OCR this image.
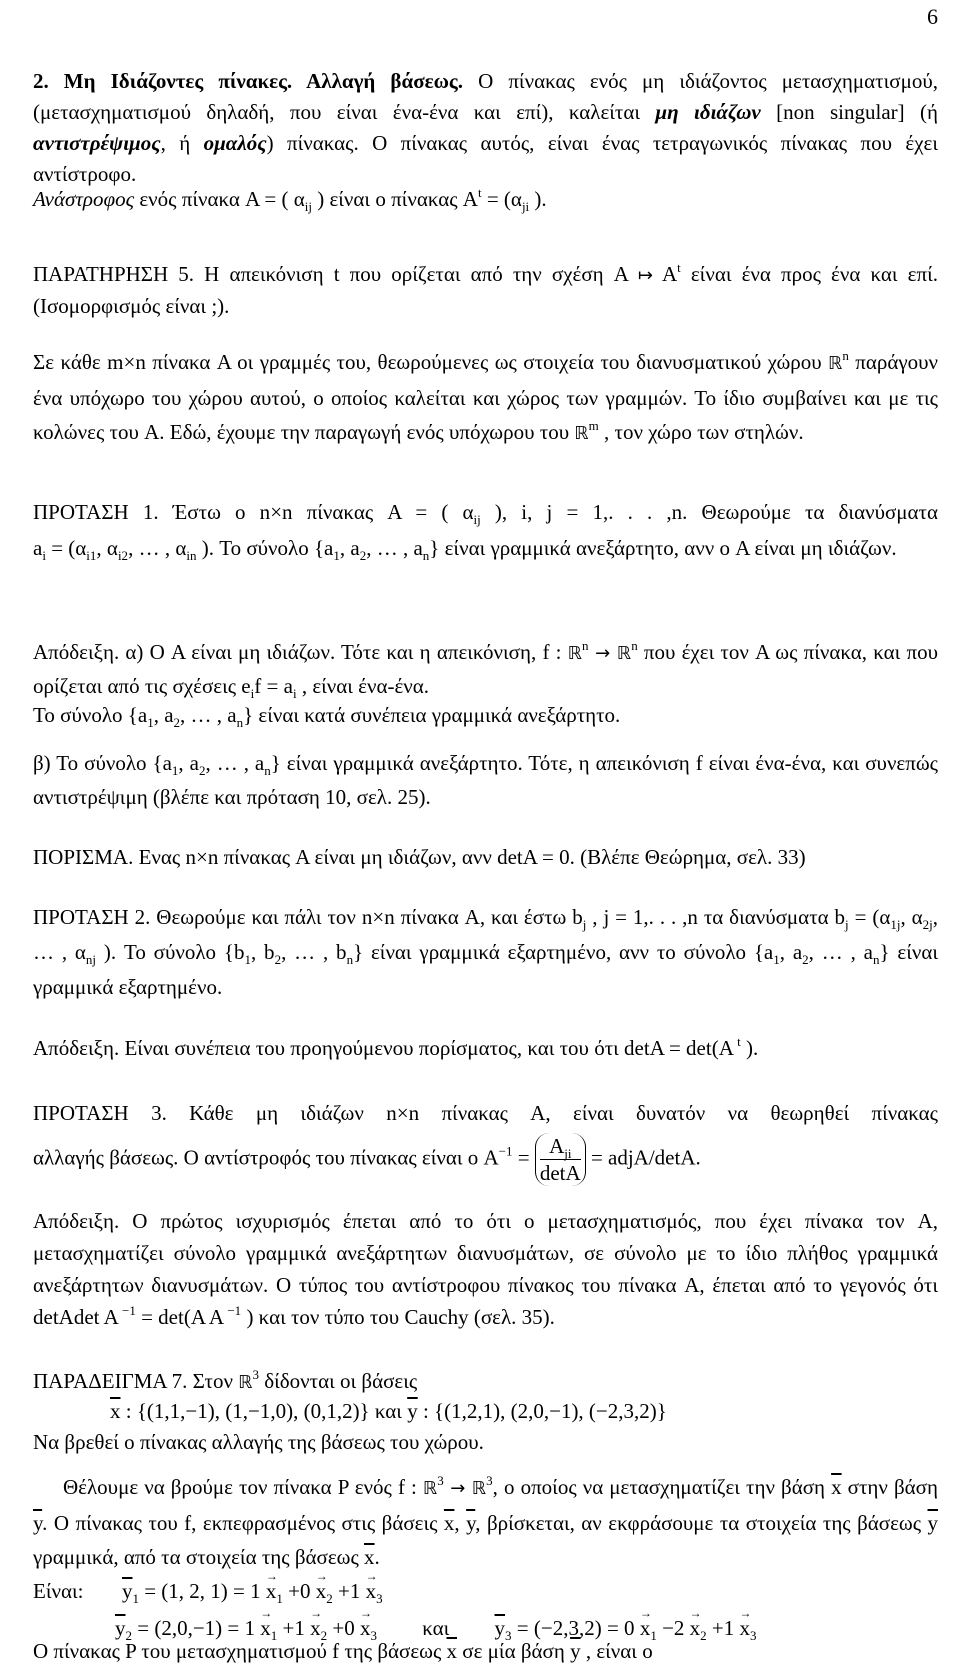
6
2. Μη Ιδιάζοντες πίνακες. Αλλαγή βάσεως. Ο πίνακας ενός μη ιδιάζοντος μετασχηματισμού, (μετασχηματισμού δηλαδή, που είναι ένα-ένα και επί), καλείται μη ιδιάζων [non singular] (ή αντιστρέψιμος, ή ομαλός) πίνακας. Ο πίνακας αυτός, είναι ένας τετραγωνικός πίνακας που έχει αντίστροφο.
Ανάστροφος ενός πίνακα A = ( $\alpha_{ij}$ ) είναι ο πίνακας $A^t = (\alpha_{ji}$ ).
ΠΑΡΑΤΗΡΗΣΗ 5. Η απεικόνιση t που ορίζεται από την σχέση A ↦ $A^t$ είναι ένα προς ένα και επί. (Ισομορφισμός είναι ;).
Σε κάθε m×n πίνακα A οι γραμμές του, θεωρούμενες ως στοιχεία του διανυσματικού χώρου ℝ$^n$ παράγουν ένα υπόχωρο του χώρου αυτού, ο οποίος καλείται και χώρος των γραμμών. Το ίδιο συμβαίνει και με τις κολώνες του A. Εδώ, έχουμε την παραγωγή ενός υπόχωρου του ℝ$^m$ , τον χώρο των στηλών.
ΠΡΟΤΑΣΗ 1. Έστω ο n×n πίνακας A = ( $\alpha_{ij}$ ), i, j = 1,. . . ,n. Θεωρούμε τα διανύσματα
$a_i = (\alpha_{i1}$, $\alpha_{i2}$, … , $\alpha_{in}$ ). Το σύνολο {$a_1$, $a_2$, … , $a_n$} είναι γραμμικά ανεξάρτητο, ανν ο A είναι μη ιδιάζων.
Απόδειξη. α) Ο A είναι μη ιδιάζων. Τότε και η απεικόνιση, f : ℝ$^n$ → ℝ$^n$ που έχει τον A ως πίνακα, και που ορίζεται από τις σχέσεις $e_if = a_i$ , είναι ένα-ένα.
Το σύνολο {$a_1$, $a_2$, … , $a_n$} είναι κατά συνέπεια γραμμικά ανεξάρτητο.
β) Το σύνολο {$a_1$, $a_2$, … , $a_n$} είναι γραμμικά ανεξάρτητο. Τότε, η απεικόνιση f είναι ένα-ένα, και συνεπώς αντιστρέψιμη (βλέπε και πρόταση 10, σελ. 25).
ΠΟΡΙΣΜΑ. Ενας n×n πίνακας A είναι μη ιδιάζων, ανν detA = 0. (Βλέπε Θεώρημα, σελ. 33)
ΠΡΟΤΑΣΗ 2. Θεωρούμε και πάλι τον n×n πίνακα A, και έστω $b_j$ , j = 1,. . . ,n τα διανύσματα $b_j = (\alpha_{1j}$, $\alpha_{2j}$, … , $\alpha_{nj}$ ). Το σύνολο {$b_1$, $b_2$, … , $b_n$} είναι γραμμικά εξαρτημένο, ανν το σύνολο {$a_1$, $a_2$, … , $a_n$} είναι γραμμικά εξαρτημένο.
Απόδειξη. Είναι συνέπεια του προηγούμενου πορίσματος, και του ότι detA = det(A $^t$ ).
ΠΡΟΤΑΣΗ 3. Κάθε μη ιδιάζων n×n πίνακας A, είναι δυνατόν να θεωρηθεί πίνακας
αλλαγής βάσεως. Ο αντίστροφός του πίνακας είναι ο $A^{-1} = \frac{A_{ji}}{\det A}$ = adjA/detA.
Απόδειξη. Ο πρώτος ισχυρισμός έπεται από το ότι ο μετασχηματισμός, που έχει πίνακα τον A, μετασχηματίζει σύνολο γραμμικά ανεξάρτητων διανυσμάτων, σε σύνολο με το ίδιο πλήθος γραμμικά ανεξάρτητων διανυσμάτων. Ο τύπος του αντίστροφου πίνακος του πίνακα A, έπεται από το γεγονός ότι detAdet A $^{-1}$ = det(A A $^{-1}$ ) και τον τύπο του Cauchy (σελ. 35).
ΠΑΡΑΔΕΙΓΜΑ 7. Στον ℝ$^3$ δίδονται οι βάσεις
$\overline{x}$ : {(1,1,−1), (1,−1,0), (0,1,2)} και $\overline{y}$ : {(1,2,1), (2,0,−1), (−2,3,2)}
Να βρεθεί ο πίνακας αλλαγής της βάσεως του χώρου.
Θέλουμε να βρούμε τον πίνακα P ενός f : ℝ$^3$ → ℝ$^3$, ο οποίος να μετασχηματίζει την βάση $\overline{x}$ στην βάση $\overline{y}$. Ο πίνακας του f, εκπεφρασμένος στις βάσεις $\overline{x}$, $\overline{y}$, βρίσκεται, αν εκφράσουμε τα στοιχεία της βάσεως $\overline{y}$ γραμμικά, από τα στοιχεία της βάσεως $\overline{x}$.
Είναι: $\overline{y}_1 = (1$, 2, $1) = 1 \to x_1 +0 \to x_2 +1 \to x_3$
$\overline{y}_2 = (2,0,-1) = 1 \to x_1 +1 \to x_2 +0 \to x_3$ και $\overline{y}_3 = (-2,3,2) = 0 \to x_1 -2 \to x_2 +1 \to x_3$
Ο πίνακας P του μετασχηματισμού f της βάσεως $\overline{x}$ σε μία βάση $\overline{y}$ , είναι ο
